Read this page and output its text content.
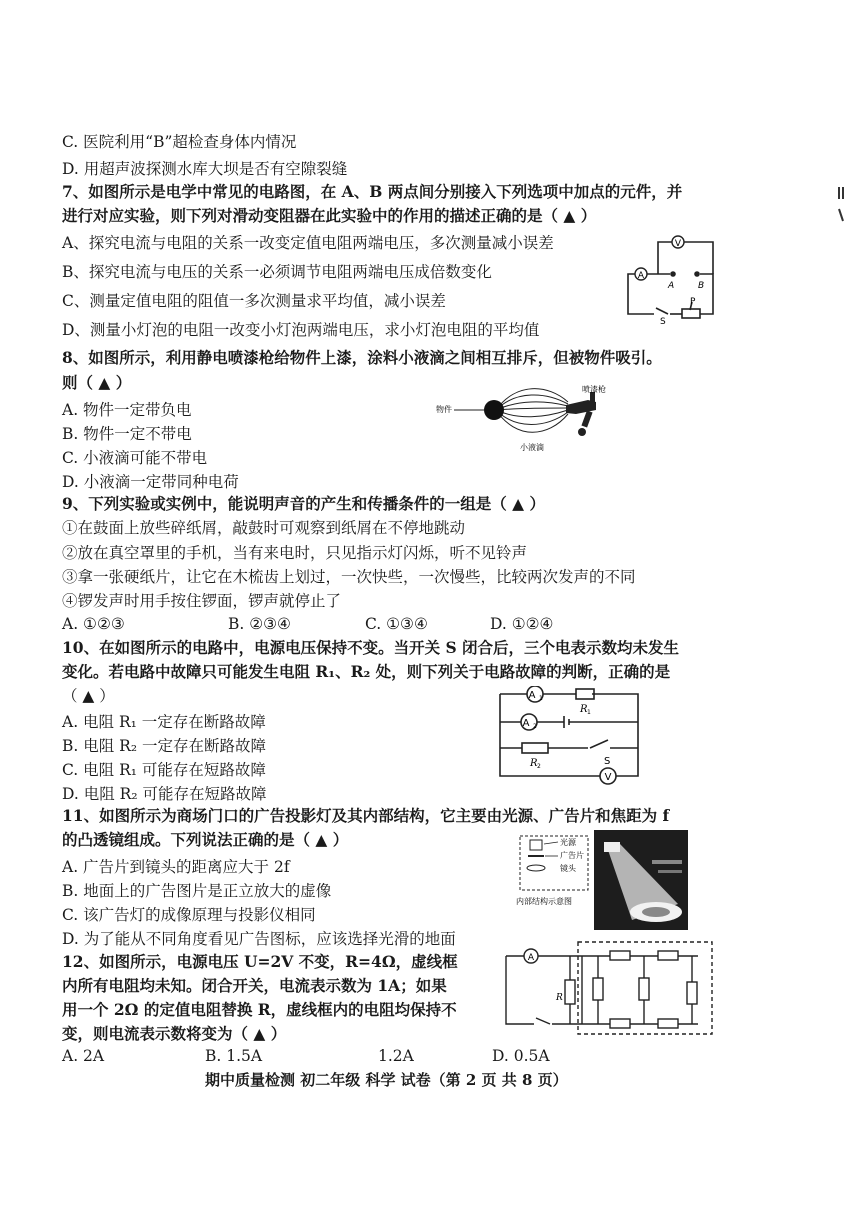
C. 医院利用“B”超检查身体内情况
D. 用超声波探测水库大坝是否有空隙裂缝
7、如图所示是电学中常见的电路图，在 A、B 两点间分别接入下列选项中加点的元件，并
进行对应实验，则下列对滑动变阻器在此实验中的作用的描述正确的是（ ▲ ）
A、探究电流与电阻的关系一改变定值电阻两端电压，多次测量减小误差
B、探究电流与电压的关系一必须调节电阻两端电压成倍数变化
C、测量定值电阻的阻值一多次测量求平均值，减小误差
D、测量小灯泡的电阻一改变小灯泡两端电压，求小灯泡电阻的平均值
8、如图所示，利用静电喷漆枪给物件上漆，涂料小液滴之间相互排斥，但被物件吸引。
则（ ▲ ）
A. 物件一定带负电
B. 物件一定不带电
C. 小液滴可能不带电
D. 小液滴一定带同种电荷
9、下列实验或实例中，能说明声音的产生和传播条件的一组是（ ▲ ）
①在鼓面上放些碎纸屑，敲鼓时可观察到纸屑在不停地跳动
②放在真空罩里的手机，当有来电时，只见指示灯闪烁，听不见铃声
③拿一张硬纸片，让它在木梳齿上划过，一次快些，一次慢些，比较两次发声的不同
④锣发声时用手按住锣面，锣声就停止了
A. ①②③	B. ②③④	C. ①③④	D. ①②④
10、在如图所示的电路中，电源电压保持不变。当开关 S 闭合后，三个电表示数均未发生
变化。若电路中故障只可能发生电阻 R₁、R₂ 处，则下列关于电路故障的判断，正确的是
（ ▲ ）
A. 电阻 R₁ 一定存在断路故障
B. 电阻 R₂ 一定存在断路故障
C. 电阻 R₁ 可能存在短路故障
D. 电阻 R₂ 可能存在短路故障
11、如图所示为商场门口的广告投影灯及其内部结构，它主要由光源、广告片和焦距为 f
的凸透镜组成。下列说法正确的是（ ▲ ）
A. 广告片到镜头的距离应大于 2f
B. 地面上的广告图片是正立放大的虚像
C. 该广告灯的成像原理与投影仪相同
D. 为了能从不同角度看见广告图标，应该选择光滑的地面
12、如图所示，电源电压 U=2V 不变，R=4Ω，虚线框
内所有电阻均未知。闭合开关，电流表示数为 1A；如果
用一个 2Ω 的定值电阻替换 R，虚线框内的电阻均保持不
变，则电流表示数将变为（ ▲ ）
A. 2A	B. 1.5A	1.2A	D. 0.5A
期中质量检测 初二年级 科学 试卷（第 2 页 共 8 页）
A
V
A	B
S
P
物件
喷漆枪
小液滴
A 1
A 2
R 1
R 2	S
V
光源
广告片
镜头
内部结构示意图
A
R
